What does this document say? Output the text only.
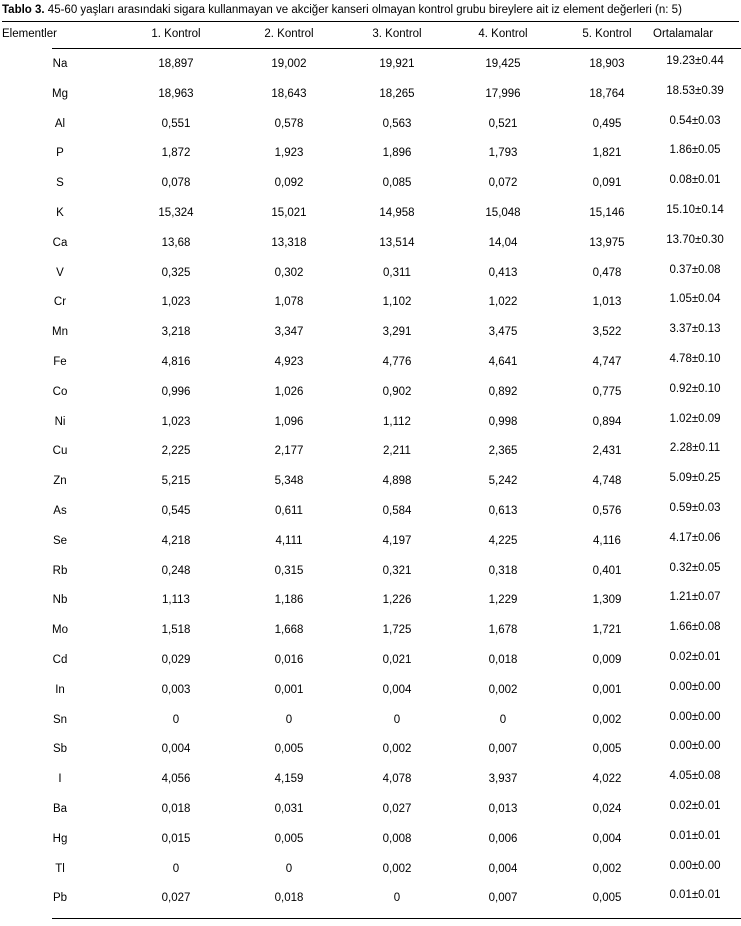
Tablo 3. 45-60 yaşları arasındaki sigara kullanmayan ve akciğer kanseri olmayan kontrol grubu bireylere ait iz element değerleri (n: 5)
Elementler	1. Kontrol	2. Kontrol	3. Kontrol	4. Kontrol	5. Kontrol	Ortalamalar
Na	18,897	19,002	19,921	19,425	18,903	19.23±0.44
Mg	18,963	18,643	18,265	17,996	18,764	18.53±0.39
Al	0,551	0,578	0,563	0,521	0,495	0.54±0.03
P	1,872	1,923	1,896	1,793	1,821	1.86±0.05
S	0,078	0,092	0,085	0,072	0,091	0.08±0.01
K	15,324	15,021	14,958	15,048	15,146	15.10±0.14
Ca	13,68	13,318	13,514	14,04	13,975	13.70±0.30
V	0,325	0,302	0,311	0,413	0,478	0.37±0.08
Cr	1,023	1,078	1,102	1,022	1,013	1.05±0.04
Mn	3,218	3,347	3,291	3,475	3,522	3.37±0.13
Fe	4,816	4,923	4,776	4,641	4,747	4.78±0.10
Co	0,996	1,026	0,902	0,892	0,775	0.92±0.10
Ni	1,023	1,096	1,112	0,998	0,894	1.02±0.09
Cu	2,225	2,177	2,211	2,365	2,431	2.28±0.11
Zn	5,215	5,348	4,898	5,242	4,748	5.09±0.25
As	0,545	0,611	0,584	0,613	0,576	0.59±0.03
Se	4,218	4,111	4,197	4,225	4,116	4.17±0.06
Rb	0,248	0,315	0,321	0,318	0,401	0.32±0.05
Nb	1,113	1,186	1,226	1,229	1,309	1.21±0.07
Mo	1,518	1,668	1,725	1,678	1,721	1.66±0.08
Cd	0,029	0,016	0,021	0,018	0,009	0.02±0.01
In	0,003	0,001	0,004	0,002	0,001	0.00±0.00
Sn	0	0	0	0	0,002	0.00±0.00
Sb	0,004	0,005	0,002	0,007	0,005	0.00±0.00
I	4,056	4,159	4,078	3,937	4,022	4.05±0.08
Ba	0,018	0,031	0,027	0,013	0,024	0.02±0.01
Hg	0,015	0,005	0,008	0,006	0,004	0.01±0.01
Tl	0	0	0,002	0,004	0,002	0.00±0.00
Pb	0,027	0,018	0	0,007	0,005	0.01±0.01
